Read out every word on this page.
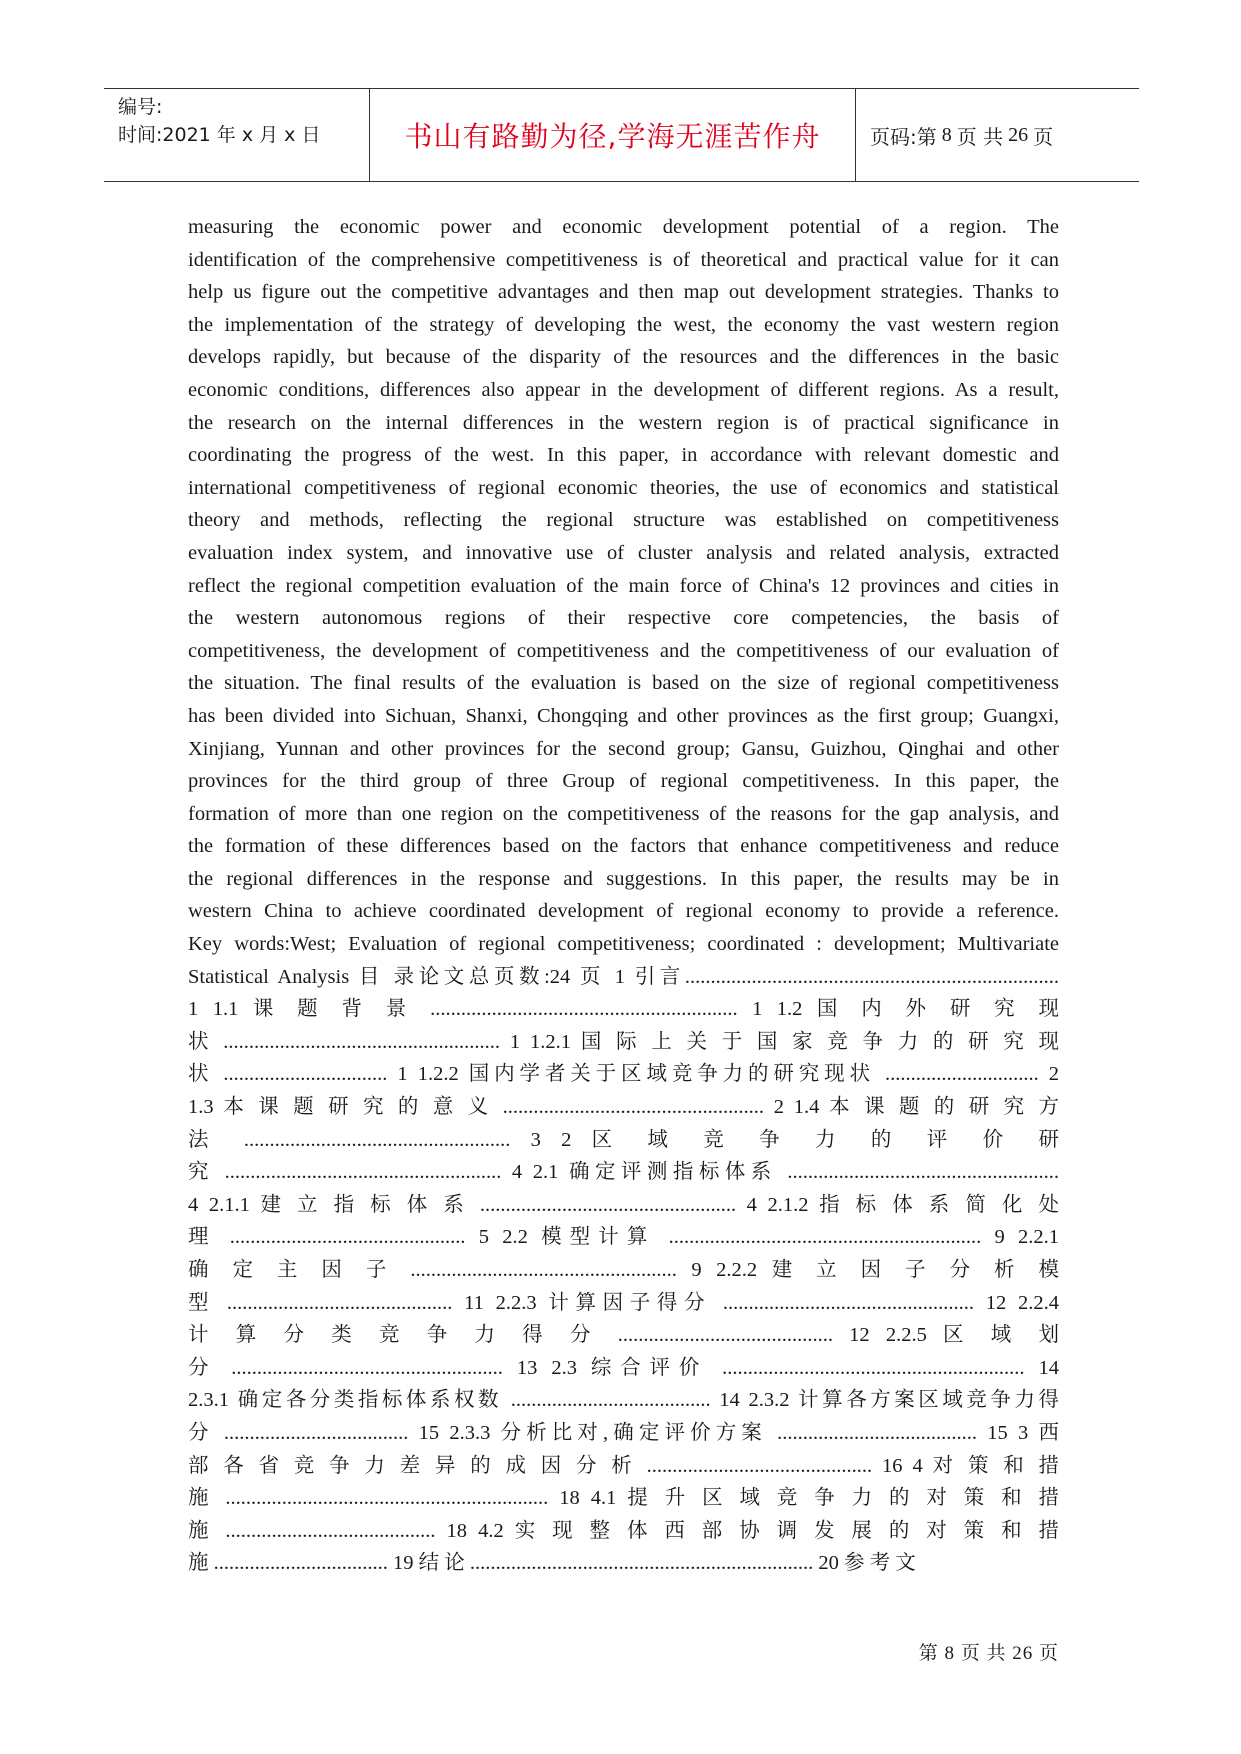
编号:
时间:2021 年 x 月 x 日	书山有路勤为径,学海无涯苦作舟 页码:第 8 页 共 26 页
measuring the economic power and economic development potential of a region. The
identification of the comprehensive competitiveness is of theoretical and practical value for it can
help us figure out the competitive advantages and then map out development strategies. Thanks to
the implementation of the strategy of developing the west, the economy the vast western region
develops rapidly, but because of the disparity of the resources and the differences in the basic
economic conditions, differences also appear in the development of different regions. As a result,
the research on the internal differences in the western region is of practical significance in
coordinating the progress of the west. In this paper, in accordance with relevant domestic and
international competitiveness of regional economic theories, the use of economics and statistical
theory and methods, reflecting the regional structure was established on competitiveness
evaluation index system, and innovative use of cluster analysis and related analysis, extracted
reflect the regional competition evaluation of the main force of China's 12 provinces and cities in
the western autonomous regions of their respective core competencies, the basis of
competitiveness, the development of competitiveness and the competitiveness of our evaluation of
the situation. The final results of the evaluation is based on the size of regional competitiveness
has been divided into Sichuan, Shanxi, Chongqing and other provinces as the first group; Guangxi,
Xinjiang, Yunnan and other provinces for the second group; Gansu, Guizhou, Qinghai and other
provinces for the third group of three Group of regional competitiveness. In this paper, the
formation of more than one region on the competitiveness of the reasons for the gap analysis, and
the formation of these differences based on the factors that enhance competitiveness and reduce
the regional differences in the response and suggestions. In this paper, the results may be in
western China to achieve coordinated development of regional economy to provide a reference.
Key words:West; Evaluation of regional competitiveness; coordinated : development; Multivariate
Statistical Analysis 目 录论文总页数:24 页 1 引言.........................................................................
1 1.1 课 题 背 景 ............................................................ 1 1.2 国 内 外 研 究 现
状 ...................................................... 1 1.2.1 国 际 上 关 于 国 家 竞 争 力 的 研 究 现
状 ................................ 1 1.2.2 国内学者关于区域竞争力的研究现状 .............................. 2
1.3 本 课 题 研 究 的 意 义 ................................................... 2 1.4 本 课 题 的 研 究 方
法 .................................................... 3 2 区 域 竞 争 力 的 评 价 研
究 ...................................................... 4 2.1 确定评测指标体系 .....................................................
4 2.1.1 建 立 指 标 体 系 .................................................. 4 2.1.2 指 标 体 系 简 化 处
理 .............................................. 5 2.2 模型计算 ............................................................. 9 2.2.1
确 定 主 因 子 .................................................... 9 2.2.2 建 立 因 子 分 析 模
型 ............................................ 11 2.2.3 计算因子得分 ................................................. 12 2.2.4
计 算 分 类 竞 争 力 得 分 .......................................... 12 2.2.5 区 域 划
分 ..................................................... 13 2.3 综合评价 ........................................................... 14
2.3.1 确定各分类指标体系权数 ....................................... 14 2.3.2 计算各方案区域竞争力得
分 .................................... 15 2.3.3 分析比对,确定评价方案 ....................................... 15 3 西
部 各 省 竞 争 力 差 异 的 成 因 分 析 ............................................ 16 4 对 策 和 措
施 ............................................................... 18 4.1 提 升 区 域 竞 争 力 的 对 策 和 措
施 ......................................... 18 4.2 实 现 整 体 西 部 协 调 发 展 的 对 策 和 措
施 .................................. 19 结 论 ................................................................... 20 参 考 文
第 8 页 共 26 页
